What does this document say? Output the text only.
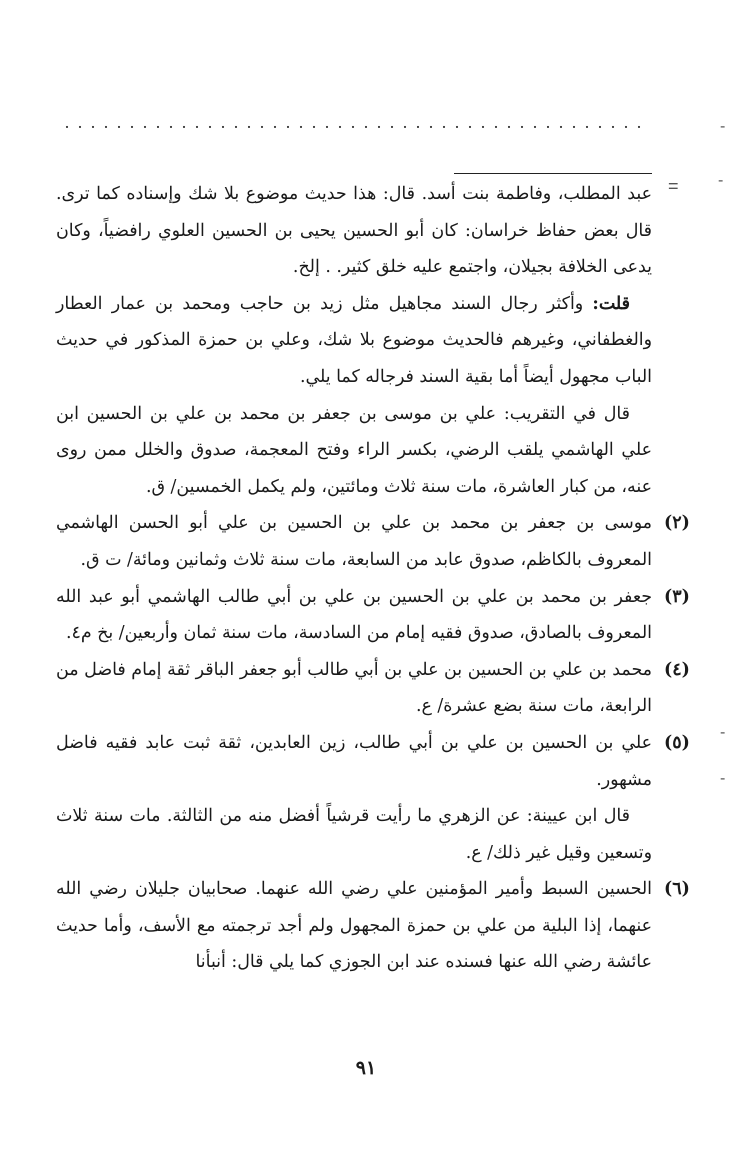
. . . . . . . . . . . . . . . . . . . . . . . . . . . . . . . . . . . . . . . . . . . . .	-
= -
-
-

عبد المطلب، وفاطمة بنت أسد. قال: هذا حديث موضوع بلا شك وإسناده كما ترى. قال بعض حفاظ خراسان: كان أبو الحسين يحيى بن الحسين العلوي رافضياً، وكان يدعى الخلافة بجيلان، واجتمع عليه خلق كثير. . إلخ.

قلت: وأكثر رجال السند مجاهيل مثل زيد بن حاجب ومحمد بن عمار العطار والغطفاني، وغيرهم فالحديث موضوع بلا شك، وعلي بن حمزة المذكور في حديث الباب مجهول أيضاً أما بقية السند فرجاله كما يلي.

قال في التقريب: علي بن موسى بن جعفر بن محمد بن علي بن الحسين ابن علي الهاشمي يلقب الرضي، بكسر الراء وفتح المعجمة، صدوق والخلل ممن روى عنه، من كبار العاشرة، مات سنة ثلاث ومائتين، ولم يكمل الخمسين/ ق.

(٢)

موسى بن جعفر بن محمد بن علي بن الحسين بن علي أبو الحسن الهاشمي المعروف بالكاظم، صدوق عابد من السابعة، مات سنة ثلاث وثمانين ومائة/ ت ق.

(٣)

جعفر بن محمد بن علي بن الحسين بن علي بن أبي طالب الهاشمي أبو عبد الله المعروف بالصادق، صدوق فقيه إمام من السادسة، مات سنة ثمان وأربعين/ بخ م٤.

(٤)

محمد بن علي بن الحسين بن علي بن أبي طالب أبو جعفر الباقر ثقة إمام فاضل من الرابعة، مات سنة بضع عشرة/ ع.

(٥)

علي بن الحسين بن علي بن أبي طالب، زين العابدين، ثقة ثبت عابد فقيه فاضل مشهور.

قال ابن عيينة: عن الزهري ما رأيت قرشياً أفضل منه من الثالثة. مات سنة ثلاث وتسعين وقيل غير ذلك/ ع.

(٦)

الحسين السبط وأمير المؤمنين علي رضي الله عنهما. صحابيان جليلان رضي الله عنهما، إذا البلية من علي بن حمزة المجهول ولم أجد ترجمته مع الأسف، وأما حديث عائشة رضي الله عنها فسنده عند ابن الجوزي كما يلي قال: أنبأنا

٩١
